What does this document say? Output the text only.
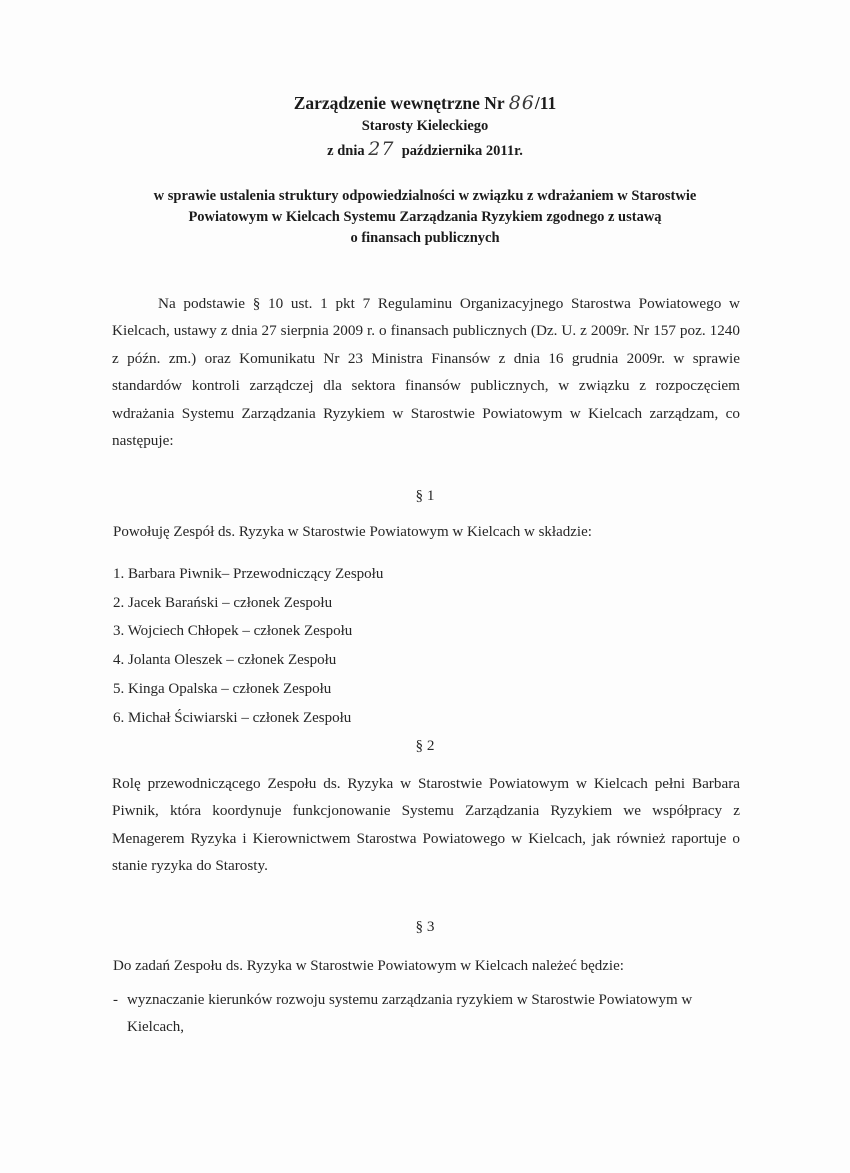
Zarządzenie wewnętrzne Nr 86/11
Starosty Kieleckiego
z dnia 27  października 2011r.
w sprawie ustalenia struktury odpowiedzialności w związku z wdrażaniem w Starostwie
Powiatowym w Kielcach Systemu Zarządzania Ryzykiem zgodnego z ustawą
o finansach publicznych
Na podstawie § 10 ust. 1 pkt 7 Regulaminu Organizacyjnego Starostwa Powiatowego w Kielcach, ustawy z dnia 27 sierpnia 2009 r. o finansach publicznych (Dz. U. z 2009r. Nr 157 poz. 1240 z późn. zm.) oraz Komunikatu Nr 23 Ministra Finansów z dnia 16 grudnia 2009r. w sprawie standardów kontroli zarządczej dla sektora finansów publicznych, w związku z rozpoczęciem wdrażania Systemu Zarządzania Ryzykiem w Starostwie Powiatowym w Kielcach zarządzam, co następuje:
§ 1
Powołuję Zespół ds. Ryzyka w Starostwie Powiatowym w Kielcach w składzie:
1. Barbara Piwnik– Przewodniczący Zespołu
2. Jacek Barański – członek Zespołu
3. Wojciech Chłopek – członek Zespołu
4. Jolanta Oleszek – członek Zespołu
5. Kinga Opalska – członek Zespołu
6. Michał Ściwiarski – członek Zespołu
§ 2
Rolę przewodniczącego Zespołu ds. Ryzyka w Starostwie Powiatowym w Kielcach pełni Barbara Piwnik, która koordynuje funkcjonowanie Systemu Zarządzania Ryzykiem we współpracy z Menagerem Ryzyka i Kierownictwem Starostwa Powiatowego w Kielcach, jak również raportuje o stanie ryzyka do Starosty.
§ 3
Do zadań Zespołu ds. Ryzyka w Starostwie Powiatowym w Kielcach należeć będzie:
- wyznaczanie kierunków rozwoju systemu zarządzania ryzykiem w Starostwie Powiatowym w Kielcach,
